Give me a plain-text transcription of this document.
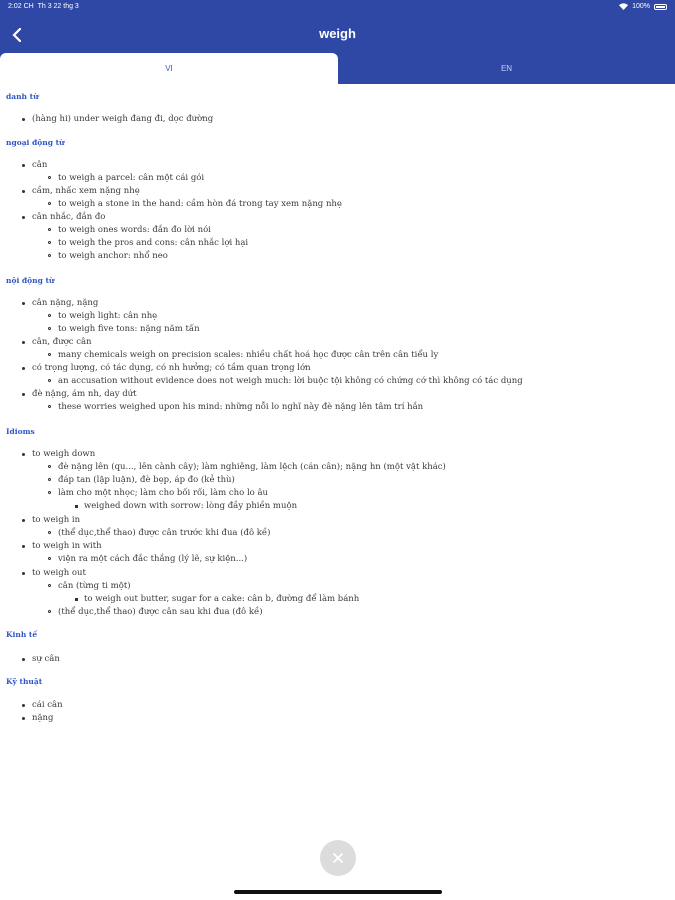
2:02 CH Th 3 22 thg 3	100%
weigh
VI	EN
danh từ
(hàng hi) under weigh đang đi, dọc đường
ngoại động từ
cân
to weigh a parcel: cân một cái gói
cầm, nhấc xem nặng nhẹ
to weigh a stone in the hand: cầm hòn đá trong tay xem nặng nhẹ
cân nhắc, đắn đo
to weigh ones words: đắn đo lời nói
to weigh the pros and cons: cân nhắc lợi hại
to weigh anchor: nhổ neo
nội động từ
cân nặng, nặng
to weigh light: cân nhẹ
to weigh five tons: nặng năm tấn
cân, được cân
many chemicals weigh on precision scales: nhiều chất hoá học được cân trên cân tiểu ly
có trọng lượng, có tác dụng, có nh hưởng; có tầm quan trọng lớn
an accusation without evidence does not weigh much: lời buộc tội không có chứng cớ thì không có tác dụng
đè nặng, ám nh, day dứt
these worries weighed upon his mind: những nỗi lo nghĩ này đè nặng lên tâm trí hắn
Idioms
to weigh down
đè nặng lên (qu..., lên cành cây); làm nghiêng, làm lệch (cán cân); nặng hn (một vật khác)
đáp tan (lập luận), đè bẹp, áp đo (kẻ thù)
làm cho một nhọc; làm cho bối rối, làm cho lo âu
weighed down with sorrow: lòng đầy phiền muộn
to weigh in
(thể dục,thể thao) được cân trước khi đua (đô kề)
to weigh in with
viện ra một cách đắc thắng (lý lẽ, sự kiện...)
to weigh out
cân (từng ti một)
to weigh out butter, sugar for a cake: cân b, đường để làm bánh
(thể dục,thể thao) được cân sau khi đua (đô kề)
Kinh tế
sự cân
Kỹ thuật
cái cân
nặng
